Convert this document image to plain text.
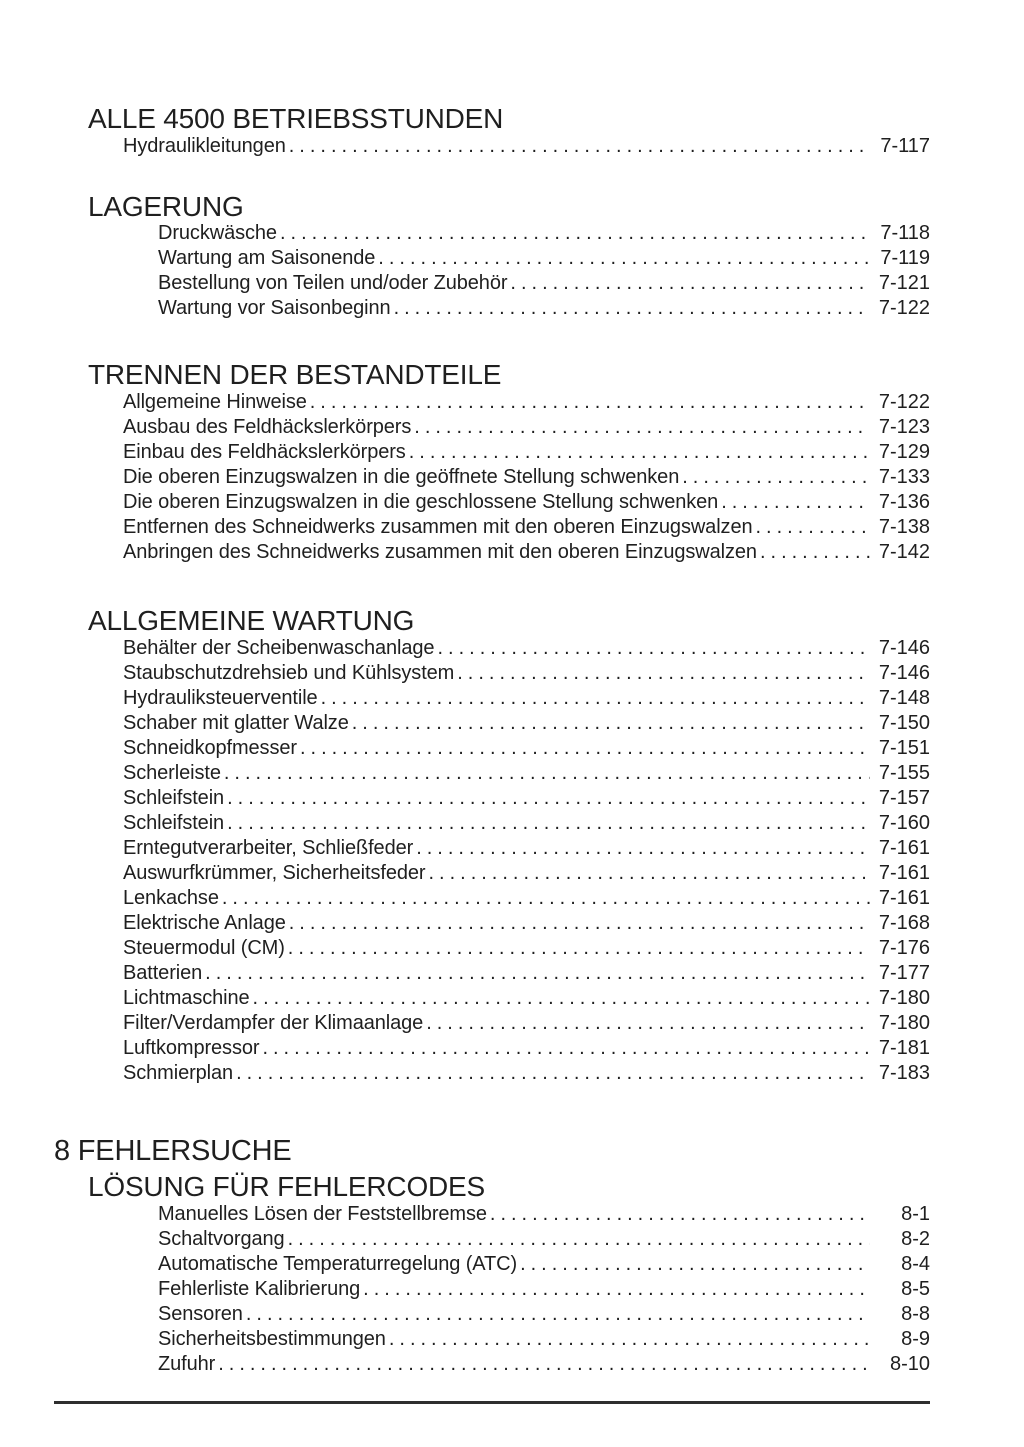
ALLE 4500 BETRIEBSSTUNDEN
Hydraulikleitungen .....	7-117
LAGERUNG
Druckwäsche .....	7-118
Wartung am Saisonende .....	7-119
Bestellung von Teilen und/oder Zubehör .....	7-121
Wartung vor Saisonbeginn .....	7-122
TRENNEN DER BESTANDTEILE
Allgemeine Hinweise .....	7-122
Ausbau des Feldhäckslerkörpers .....	7-123
Einbau des Feldhäckslerkörpers .....	7-129
Die oberen Einzugswalzen in die geöffnete Stellung schwenken .....	7-133
Die oberen Einzugswalzen in die geschlossene Stellung schwenken .....	7-136
Entfernen des Schneidwerks zusammen mit den oberen Einzugswalzen .....	7-138
Anbringen des Schneidwerks zusammen mit den oberen Einzugswalzen .....	7-142
ALLGEMEINE WARTUNG
Behälter der Scheibenwaschanlage .....	7-146
Staubschutzdrehsieb und Kühlsystem .....	7-146
Hydrauliksteuerventile .....	7-148
Schaber mit glatter Walze .....	7-150
Schneidkopfmesser .....	7-151
Scherleiste .....	7-155
Schleifstein .....	7-157
Schleifstein .....	7-160
Erntegutverarbeiter, Schließfeder .....	7-161
Auswurfkrümmer, Sicherheitsfeder .....	7-161
Lenkachse .....	7-161
Elektrische Anlage .....	7-168
Steuermodul (CM) .....	7-176
Batterien .....	7-177
Lichtmaschine .....	7-180
Filter/Verdampfer der Klimaanlage .....	7-180
Luftkompressor .....	7-181
Schmierplan .....	7-183
8 FEHLERSUCHE
LÖSUNG FÜR FEHLERCODES
Manuelles Lösen der Feststellbremse .....	8-1
Schaltvorgang .....	8-2
Automatische Temperaturregelung (ATC) .....	8-4
Fehlerliste Kalibrierung .....	8-5
Sensoren .....	8-8
Sicherheitsbestimmungen .....	8-9
Zufuhr .....	8-10
